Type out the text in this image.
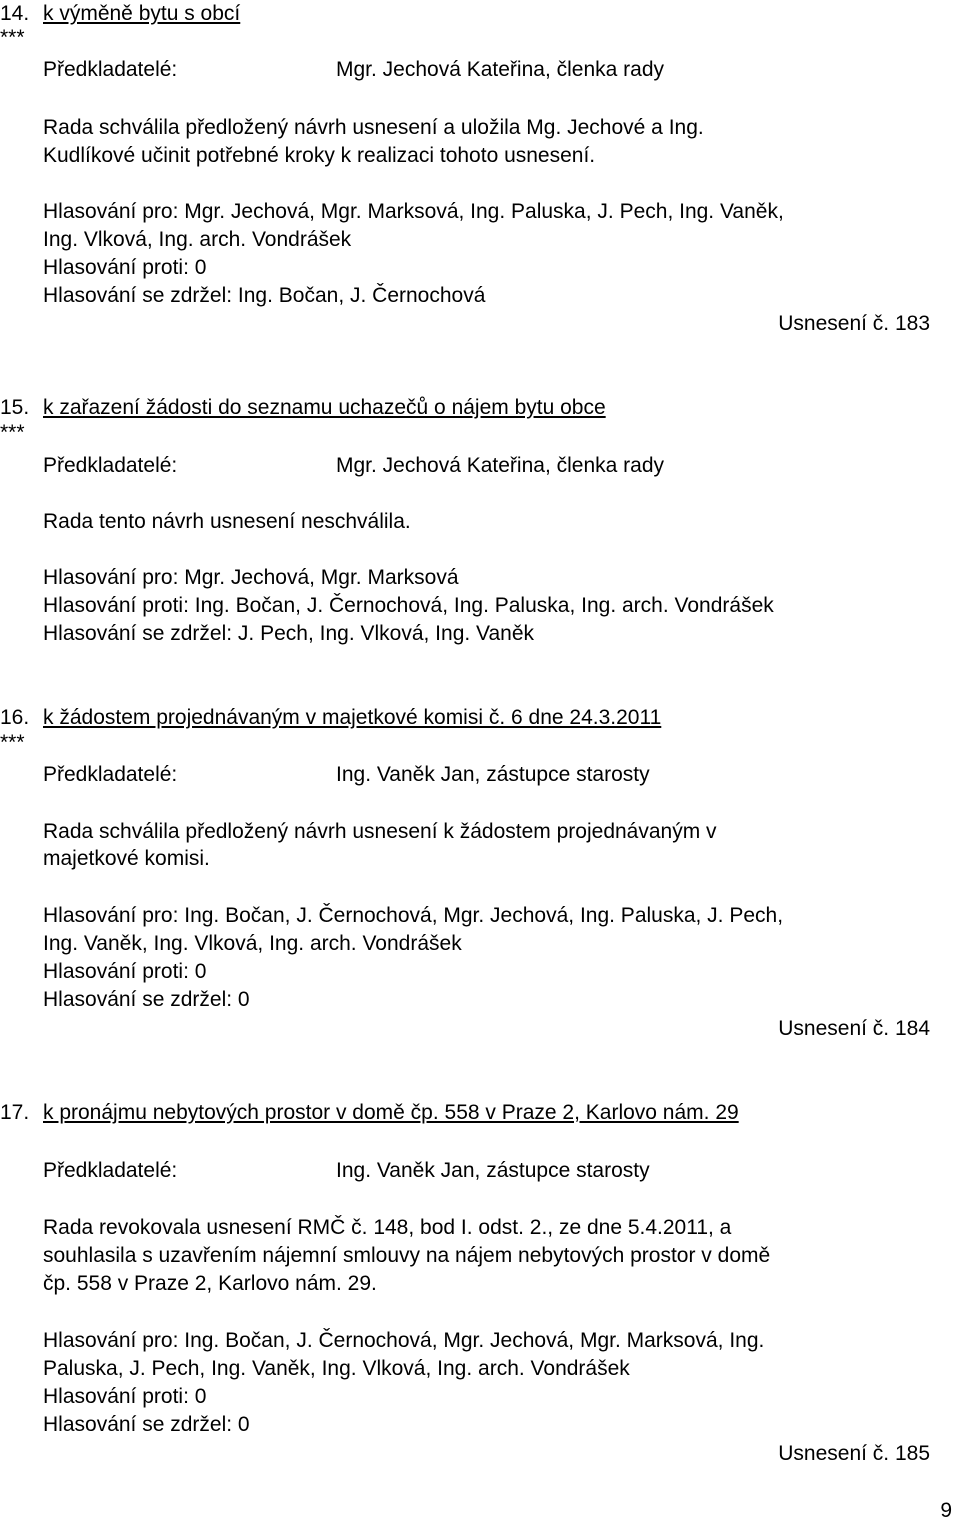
14. k výměně bytu s obcí

***

Předkladatelé:	Mgr. Jechová Kateřina, členka rady

Rada schválila předložený návrh usnesení a uložila Mg. Jechové a Ing.

Kudlíkové učinit potřebné kroky k realizaci tohoto usnesení.

Hlasování pro: Mgr. Jechová, Mgr. Marksová, Ing. Paluska, J. Pech, Ing. Vaněk,

Ing. Vlková, Ing. arch. Vondrášek

Hlasování proti: 0

Hlasování se zdržel: Ing. Bočan, J. Černochová

Usnesení č. 183

15. k zařazení žádosti do seznamu uchazečů o nájem bytu obce

***

Předkladatelé:	Mgr. Jechová Kateřina, členka rady

Rada tento návrh usnesení neschválila.

Hlasování pro: Mgr. Jechová, Mgr. Marksová

Hlasování proti: Ing. Bočan, J. Černochová, Ing. Paluska, Ing. arch. Vondrášek

Hlasování se zdržel: J. Pech, Ing. Vlková, Ing. Vaněk

16. k žádostem projednávaným v majetkové komisi č. 6 dne 24.3.2011

***

Předkladatelé:	Ing. Vaněk Jan, zástupce starosty

Rada schválila předložený návrh usnesení k žádostem projednávaným v

majetkové komisi.

Hlasování pro: Ing. Bočan, J. Černochová, Mgr. Jechová, Ing. Paluska, J. Pech,

Ing. Vaněk, Ing. Vlková, Ing. arch. Vondrášek

Hlasování proti: 0

Hlasování se zdržel: 0

Usnesení č. 184

17. k pronájmu nebytových prostor v domě čp. 558 v Praze 2, Karlovo nám. 29

Předkladatelé:	Ing. Vaněk Jan, zástupce starosty

Rada revokovala usnesení RMČ č. 148, bod I. odst. 2., ze dne 5.4.2011, a

souhlasila s uzavřením nájemní smlouvy na nájem nebytových prostor v domě

čp. 558 v Praze 2, Karlovo nám. 29.

Hlasování pro: Ing. Bočan, J. Černochová, Mgr. Jechová, Mgr. Marksová, Ing.

Paluska, J. Pech, Ing. Vaněk, Ing. Vlková, Ing. arch. Vondrášek

Hlasování proti: 0

Hlasování se zdržel: 0

Usnesení č. 185

9
